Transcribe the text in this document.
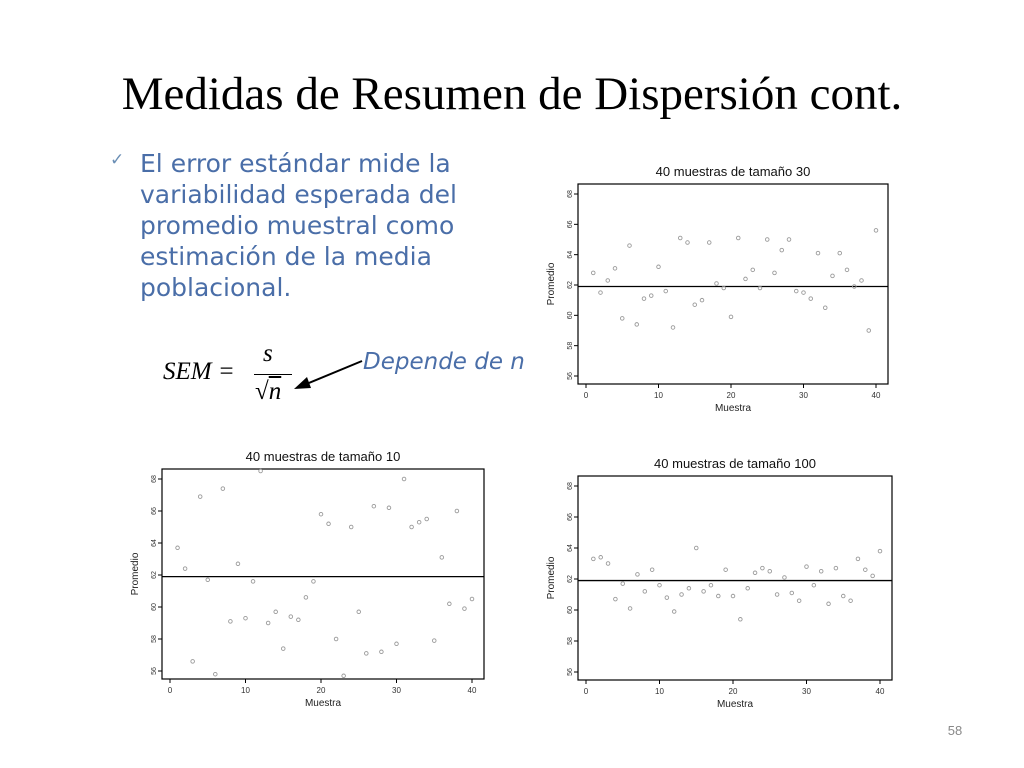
Medidas de Resumen de Dispersión cont.
✓ El error estándar mide la
variabilidad esperada del
promedio muestral como
estimación de la media
poblacional.
SEM =
s
√n
Depende de n
40 muestras de tamaño 30
0	10	20	30	40
56
58
60
62
64
66
68
Muestra
Promedio
40 muestras de tamaño 10
0	10	20	30	40
56
58
60
62
64
66
68
Muestra
Promedio
40 muestras de tamaño 100
0	10	20	30	40
56
58
60
62
64
66
68
Muestra
Promedio
58
